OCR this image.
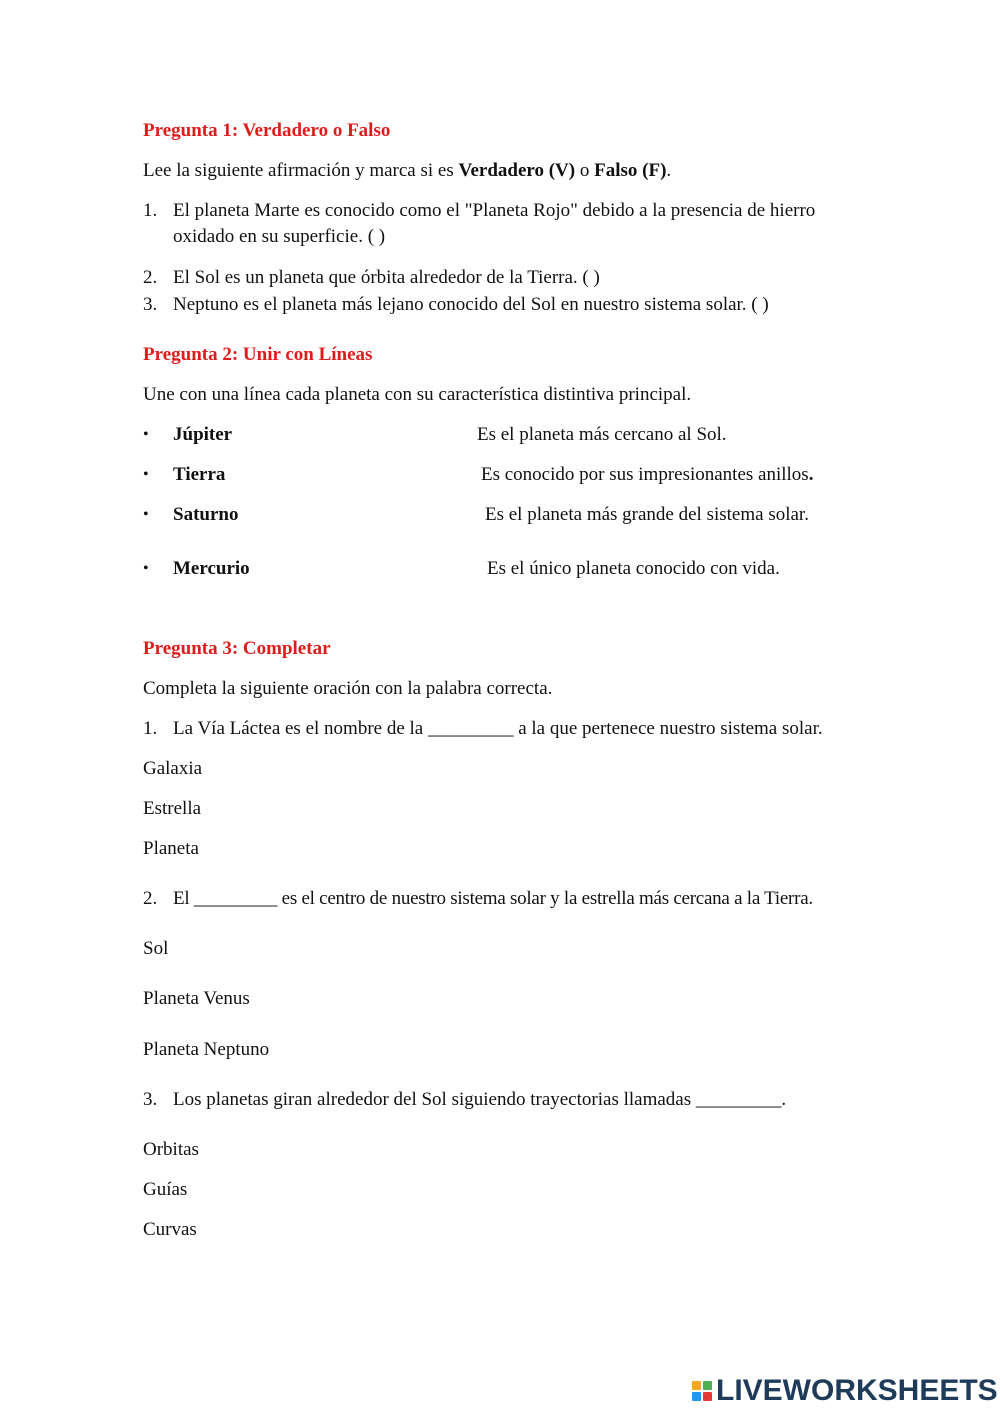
Pregunta 1: Verdadero o Falso
Lee la siguiente afirmación y marca si es Verdadero (V) o Falso (F).
1. El planeta Marte es conocido como el "Planeta Rojo" debido a la presencia de hierro
oxidado en su superficie. ( )
2. El Sol es un planeta que órbita alrededor de la Tierra. ( )
3. Neptuno es el planeta más lejano conocido del Sol en nuestro sistema solar. ( )
Pregunta 2: Unir con Líneas
Une con una línea cada planeta con su característica distintiva principal.
• Júpiter	Es el planeta más cercano al Sol.
• Tierra	Es conocido por sus impresionantes anillos.
• Saturno	Es el planeta más grande del sistema solar.
• Mercurio	Es el único planeta conocido con vida.
Pregunta 3: Completar
Completa la siguiente oración con la palabra correcta.
1. La Vía Láctea es el nombre de la _________ a la que pertenece nuestro sistema solar.
Galaxia
Estrella
Planeta
2. El _________ es el centro de nuestro sistema solar y la estrella más cercana a la Tierra.
Sol
Planeta Venus
Planeta Neptuno
3. Los planetas giran alrededor del Sol siguiendo trayectorias llamadas _________.
Orbitas
Guías
Curvas
LIVEWORKSHEETS
